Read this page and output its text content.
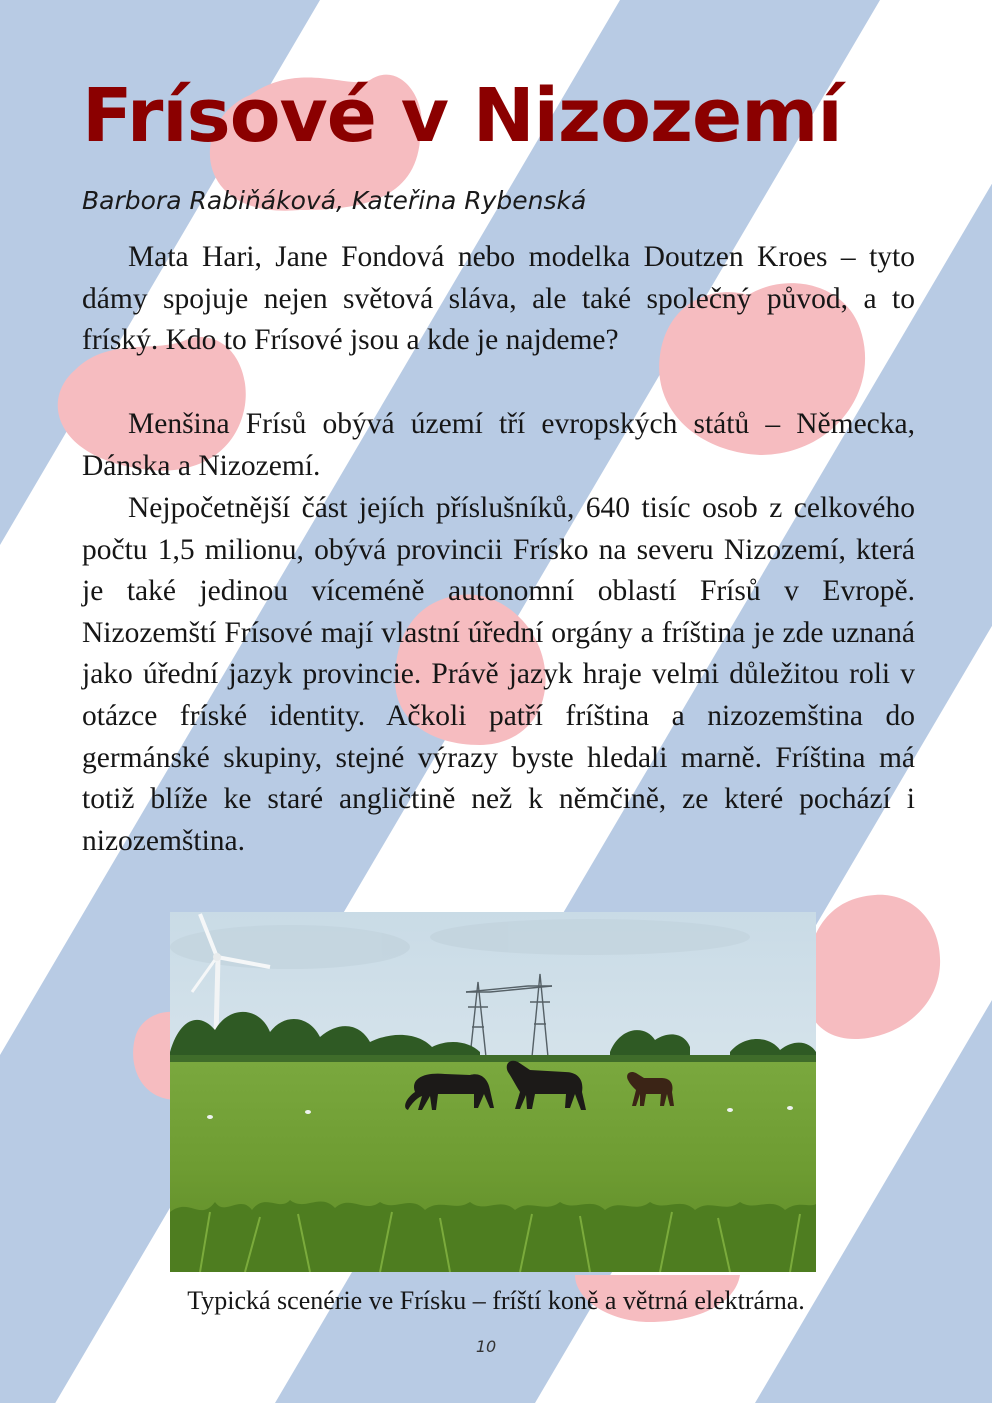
Frísové v Nizozemí

Barbora Rabiňáková, Kateřina Rybenská

Mata Hari, Jane Fondová nebo modelka Doutzen Kroes – tyto dámy spojuje nejen světová sláva, ale také společný původ, a to fríský. Kdo to Frísové jsou a kde je najdeme?

Menšina Frísů obývá území tří evropských států – Německa, Dánska a Nizozemí.

Nejpočetnější část jejích příslušníků, 640 tisíc osob z celkového počtu 1,5 milionu, obývá provincii Frísko na severu Nizozemí, která je také jedinou víceméně autonomní oblastí Frísů v Evropě. Nizozemští Frísové mají vlastní úřední orgány a fríština je zde uznaná jako úřední jazyk provincie. Právě jazyk hraje velmi důležitou roli v otázce fríské identity. Ačkoli patří fríština a nizozemština do germánské skupiny, stejné výrazy byste hledali marně. Fríština má totiž blíže ke staré angličtině než k němčině, ze které pochází i nizozemština.

Typická scenérie ve Frísku – fríští koně a větrná elektrárna.

10
